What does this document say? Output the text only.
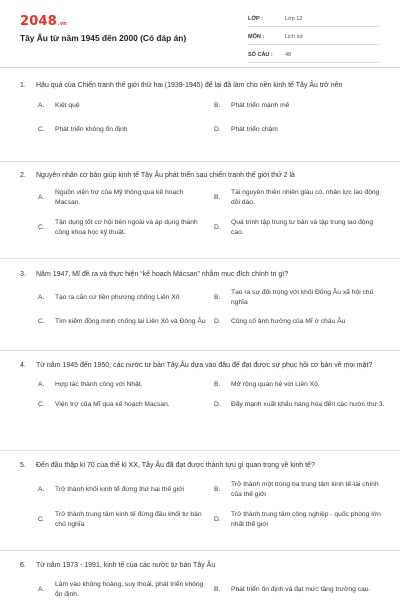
2048 .vn
Tây Âu từ năm 1945 đến 2000 (Có đáp án)
LỚP :	Lớp 12
MÔN :	Lịch sử
SỐ CÂU :	48
1.	Hậu quả của Chiến tranh thế giới thứ hai (1939-1945) để lại đã làm cho nền kinh tế Tây Âu trở nên
A.	Kiệt quệ	B.	Phát triển mạnh mẽ
C.	Phát triển không ổn định	D.	Phát triển chậm
2.	Nguyên nhân cơ bản giúp kinh tế Tây Âu phát triển sau chiến tranh thế giới thứ 2 là
A.
Nguồn viện trợ của Mỹ thông qua kế hoạch Macsan.
B.
Tài nguyên thiên nhiên giàu có, nhân lực lao động dồi dào.
C.
Tận dụng tốt cơ hội bên ngoài và áp dụng thành công khoa học kỹ thuật.
D.
Quá trình tập trung tư bản và tập trung lao động cao.
3.	Năm 1947, Mĩ đề ra và thực hiện “kế hoạch Mácsan” nhằm mục đích chính trị gì?
A.	Tạo ra căn cứ tiền phương chống Liên Xô	B.
Tạo ra sự đối trọng với khối Đông Âu xã hội chủ nghĩa
C.	Tìm kiếm đồng minh chống lại Liên Xô và Đông Âu	D.	Củng cố ảnh hưởng của Mĩ ở châu Âu
4.	Từ năm 1945 đến 1950, các nước tư bản Tây Âu dựa vào đâu để đạt được sự phục hồi cơ bản về mọi mặt?
A.	Hợp tác thành công với Nhật.	B.	Mở rộng quan hệ với Liên Xô.
C.	Viện trợ của Mĩ qua kế hoạch Macsan.	D.	Đẩy mạnh xuất khẩu hàng hóa đến các nước thứ 3.
5.	Đến đầu thập kỉ 70 của thế kỉ XX, Tây Âu đã đạt được thành tựu gì quan trọng về kinh tế?
A.	Trở thành khối kinh tế đứng thứ hai thế giới	B.
Trở thành một trong ba trung tâm kinh tế-tài chính của thế giới
C.
Trở thành trung tâm kinh tế đứng đầu khối tư bản chủ nghĩa
D.
Trở thành trung tâm công nghiệp - quốc phòng lớn nhất thế giới
6.	Từ năm 1973 - 1991, kinh tế của các nước tư bản Tây Âu
A.
Lâm vào khủng hoảng, suy thoái, phát triển không ổn định.
B.	Phát triển ổn định và đạt mức tăng trưởng cao.
